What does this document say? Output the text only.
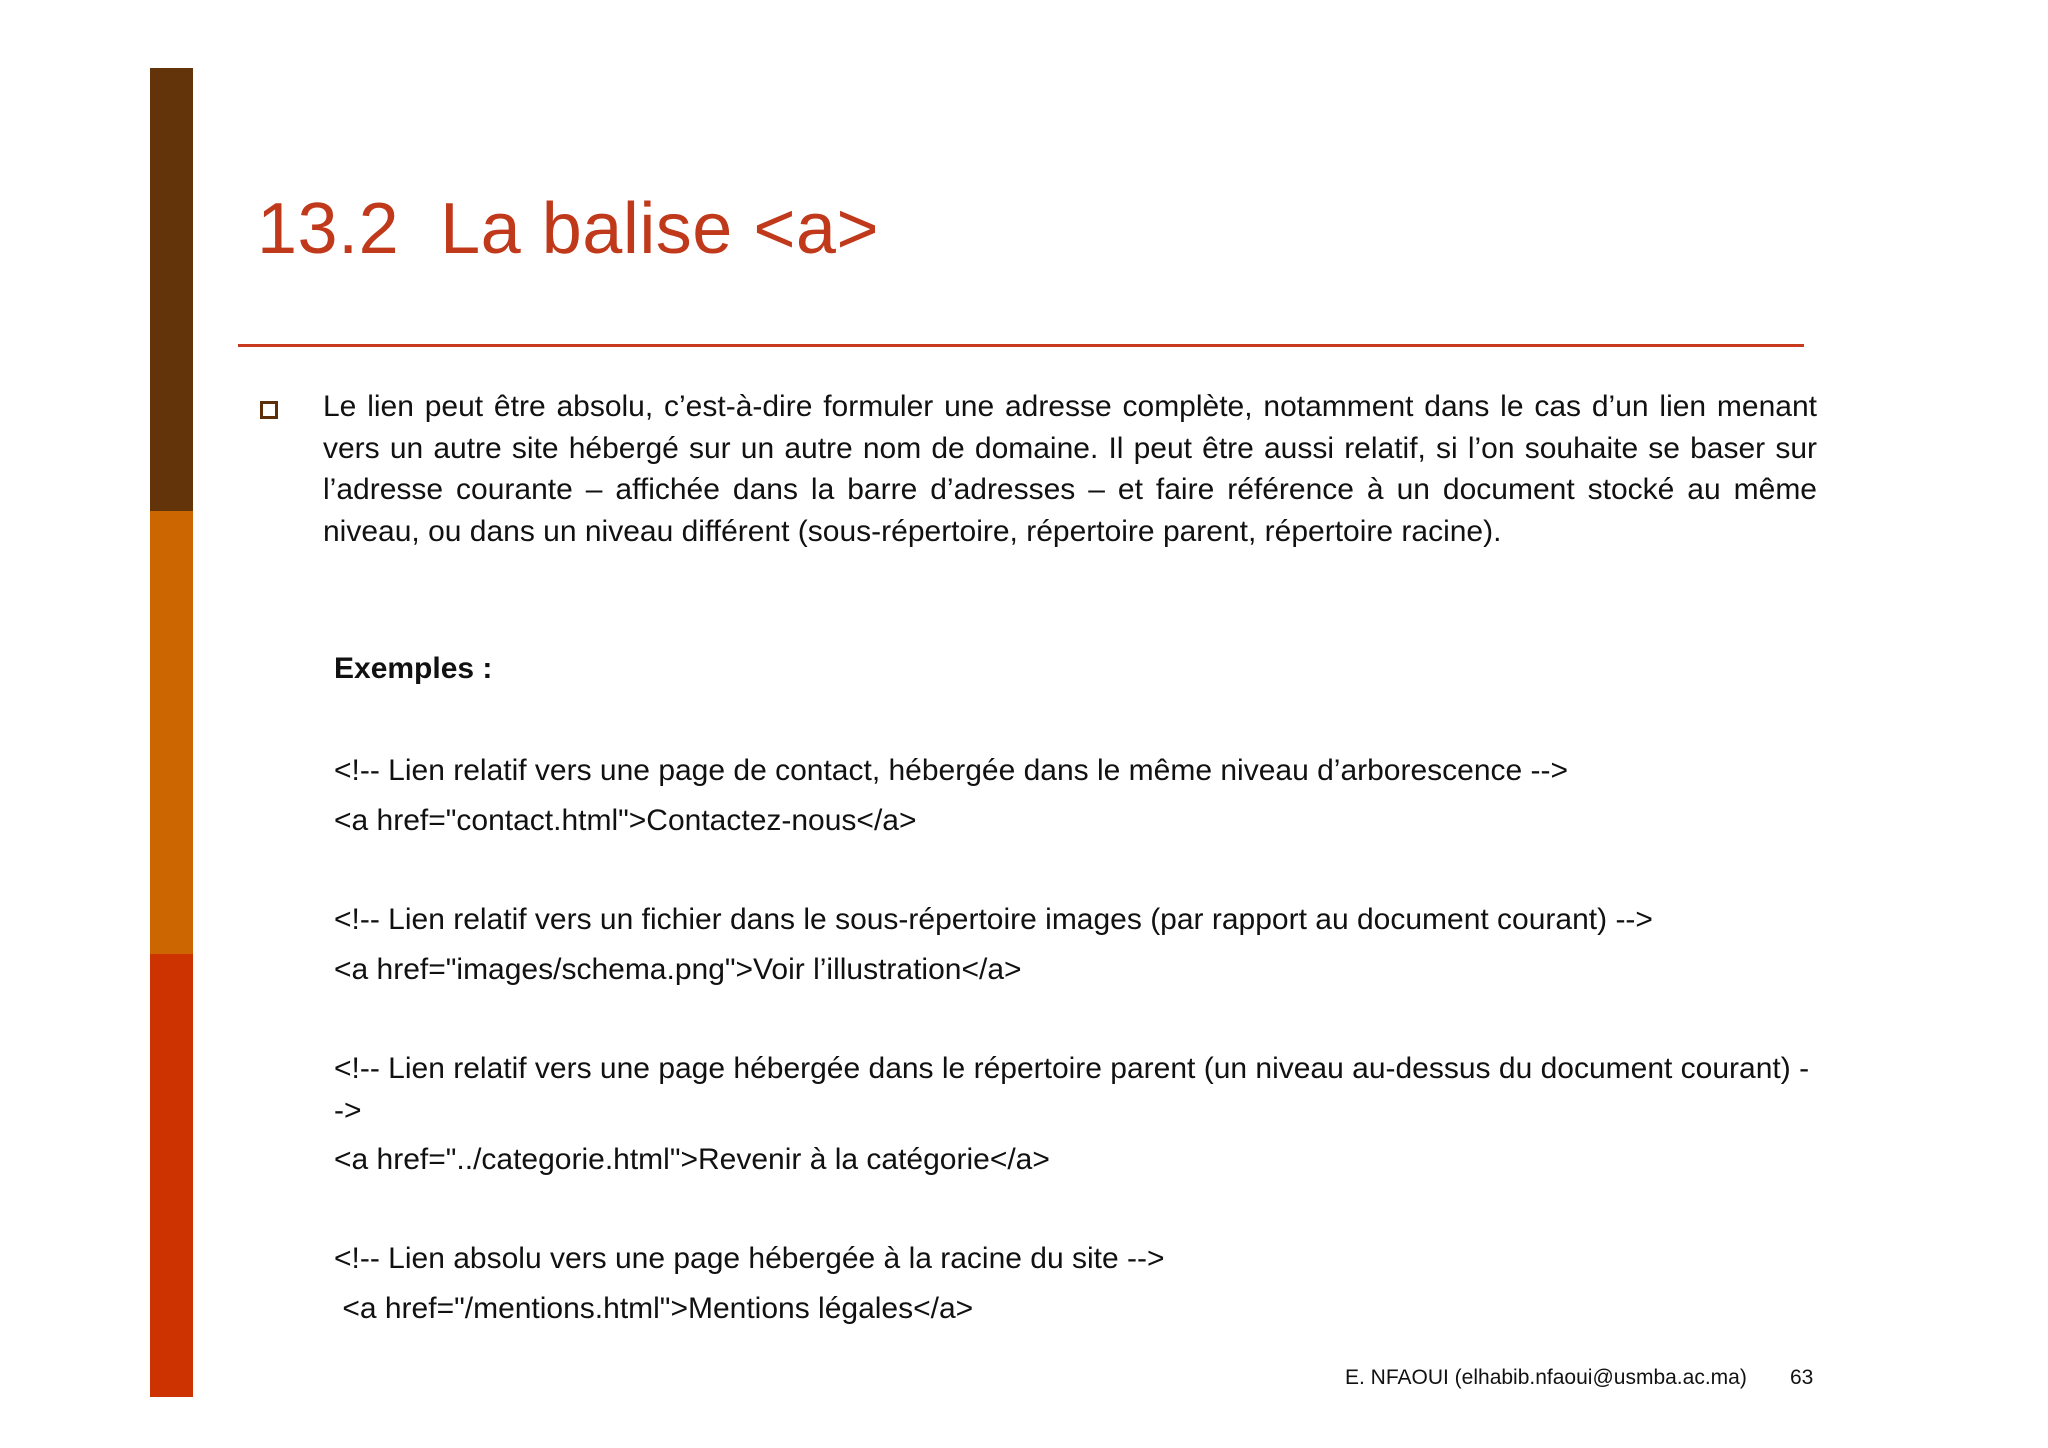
13.2  La balise <a>

Le lien peut être absolu, c’est-à-dire formuler une adresse complète, notamment dans le cas d’un lien menant vers un autre site hébergé sur un autre nom de domaine. Il peut être aussi relatif, si l’on souhaite se baser sur l’adresse courante – affichée dans la barre d’adresses – et faire référence à un document stocké au même niveau, ou dans un niveau différent (sous-répertoire, répertoire parent, répertoire racine).

Exemples :
<!-- Lien relatif vers une page de contact, hébergée dans le même niveau d’arborescence -->
<a href="contact.html">Contactez-nous</a>
<!-- Lien relatif vers un fichier dans le sous-répertoire images (par rapport au document courant) -->
<a href="images/schema.png">Voir l’illustration</a>
<!-- Lien relatif vers une page hébergée dans le répertoire parent (un niveau au-dessus du document courant) -->
<a href="../categorie.html">Revenir à la catégorie</a>
<!-- Lien absolu vers une page hébergée à la racine du site -->
<a href="/mentions.html">Mentions légales</a>
E. NFAOUI (elhabib.nfaoui@usmba.ac.ma) 63
